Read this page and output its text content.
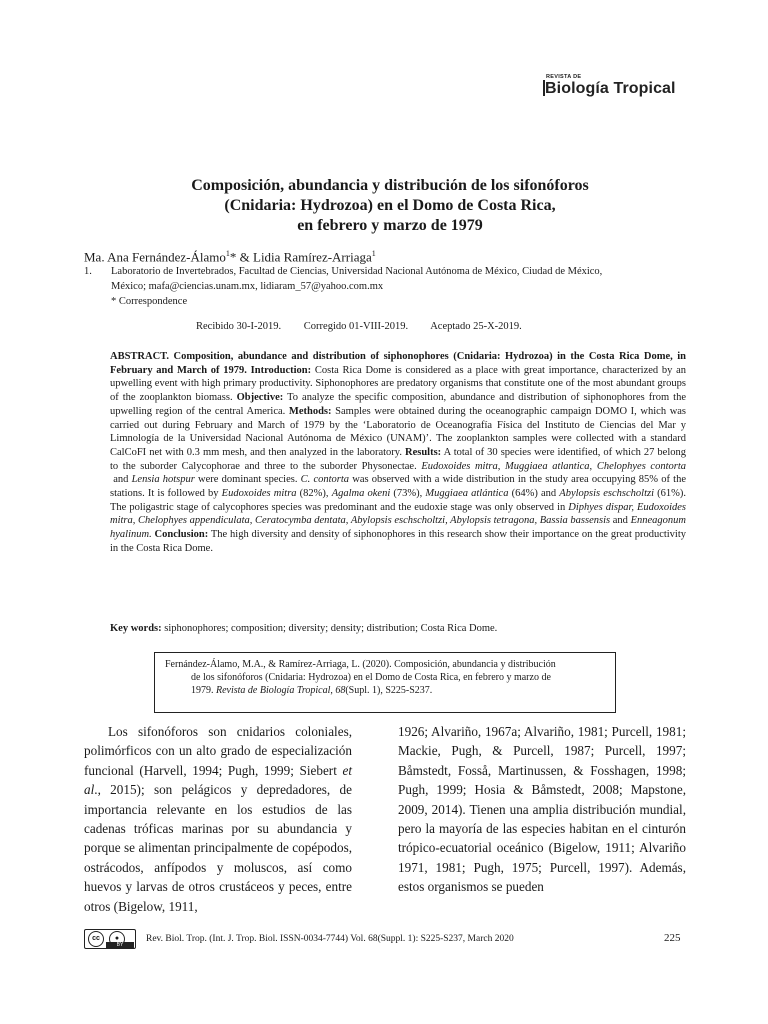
REVISTA DE
Biología Tropical
Composición, abundancia y distribución de los sifonóforos
(Cnidaria: Hydrozoa) en el Domo de Costa Rica,
en febrero y marzo de 1979
Ma. Ana Fernández-Álamo$^1$* & Lidia Ramírez-Arriaga$^1$
1. Laboratorio de Invertebrados, Facultad de Ciencias, Universidad Nacional Autónoma de México, Ciudad de México,
México; mafa@ciencias.unam.mx, lidiaram_57@yahoo.com.mx
* Correspondence
Recibido 30-I-2019. Corregido 01-VIII-2019. Aceptado 25-X-2019.
ABSTRACT. Composition, abundance and distribution of siphonophores (Cnidaria: Hydrozoa) in the Costa Rica Dome, in February and March of 1979. Introduction: Costa Rica Dome is considered as a place with great importance, characterized by an upwelling event with high primary productivity. Siphonophores are predatory organisms that constitute one of the most abundant groups of the zooplankton biomass. Objective: To analyze the specific composition, abundance and distribution of siphonophores from the upwelling region of the central America. Methods: Samples were obtained during the oceanographic campaign DOMO I, which was carried out during February and March of 1979 by the ‘Laboratorio de Oceanografía Física del Instituto de Ciencias del Mar y Limnología de la Universidad Nacional Autónoma de México (UNAM)’. The zooplankton samples were collected with a standard CalCoFI net with 0.3 mm mesh, and then analyzed in the laboratory. Results: A total of 30 species were identified, of which 27 belong to the suborder Calycophorae and three to the suborder Physonectae. Eudoxoides mitra, Muggiaea atlantica, Chelophyes contorta and Lensia hotspur were dominant species. C. contorta was observed with a wide distribution in the study area occupying 85% of the stations. It is followed by Eudoxoides mitra (82%), Agalma okeni (73%), Muggiaea atlántica (64%) and Abylopsis eschscholtzi (61%). The poligastric stage of calycophores species was predominant and the eudoxie stage was only observed in Diphyes dispar, Eudoxoides mitra, Chelophyes appendiculata, Ceratocymba dentata, Abylopsis eschscholtzi, Abylopsis tetragona, Bassia bassensis and Enneagonum hyalinum. Conclusion: The high diversity and density of siphonophores in this research show their importance on the great productivity in the Costa Rica Dome.
Key words: siphonophores; composition; diversity; density; distribution; Costa Rica Dome.
Fernández-Álamo, M.A., & Ramírez-Arriaga, L. (2020). Composición, abundancia y distribución
de los sifonóforos (Cnidaria: Hydrozoa) en el Domo de Costa Rica, en febrero y marzo de
1979. Revista de Biología Tropical, 68(Supl. 1), S225-S237.
Los sifonóforos son cnidarios coloniales, polimórficos con un alto grado de especialización funcional (Harvell, 1994; Pugh, 1999; Siebert et al., 2015); son pelágicos y depredadores, de importancia relevante en los estudios de las cadenas tróficas marinas por su abundancia y porque se alimentan principalmente de copépodos, ostrácodos, anfípodos y moluscos, así como huevos y larvas de otros crustáceos y peces, entre otros (Bigelow, 1911,
1926; Alvariño, 1967a; Alvariño, 1981; Purcell, 1981; Mackie, Pugh, & Purcell, 1987; Purcell, 1997; Båmstedt, Fosså, Martinussen, & Fosshagen, 1998; Pugh, 1999; Hosia & Båmstedt, 2008; Mapstone, 2009, 2014). Tienen una amplia distribución mundial, pero la mayoría de las especies habitan en el cinturón trópico-ecuatorial oceánico (Bigelow, 1911; Alvariño 1971, 1981; Pugh, 1975; Purcell, 1997). Además, estos organismos se pueden
cc	●
BY
Rev. Biol. Trop. (Int. J. Trop. Biol. ISSN-0034-7744) Vol. 68(Suppl. 1): S225-S237, March 2020	225
